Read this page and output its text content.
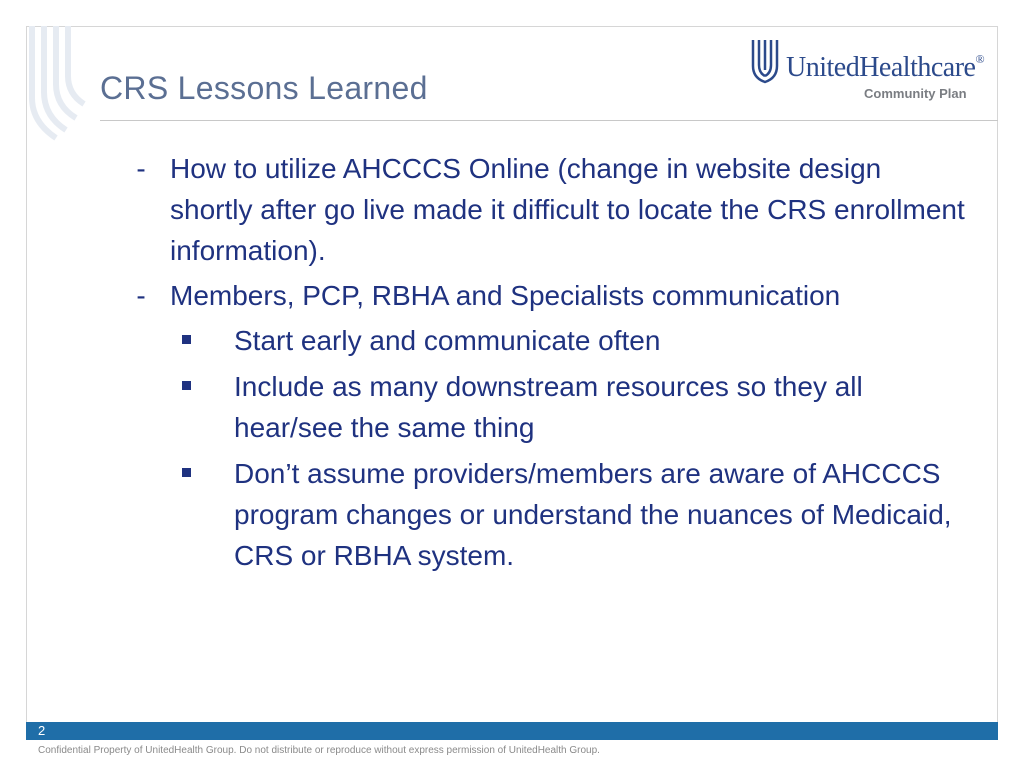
CRS Lessons Learned
UnitedHealthcare®
Community Plan
- How to utilize AHCCCS Online (change in website design shortly after go live made it difficult to locate the CRS enrollment information).
- Members, PCP, RBHA and Specialists communication
Start early and communicate often
Include as many downstream resources so they all hear/see the same thing
Don’t assume providers/members are aware of AHCCCS program changes or understand the nuances of Medicaid, CRS or RBHA system.
2
Confidential Property of UnitedHealth Group. Do not distribute or reproduce without express permission of UnitedHealth Group.
